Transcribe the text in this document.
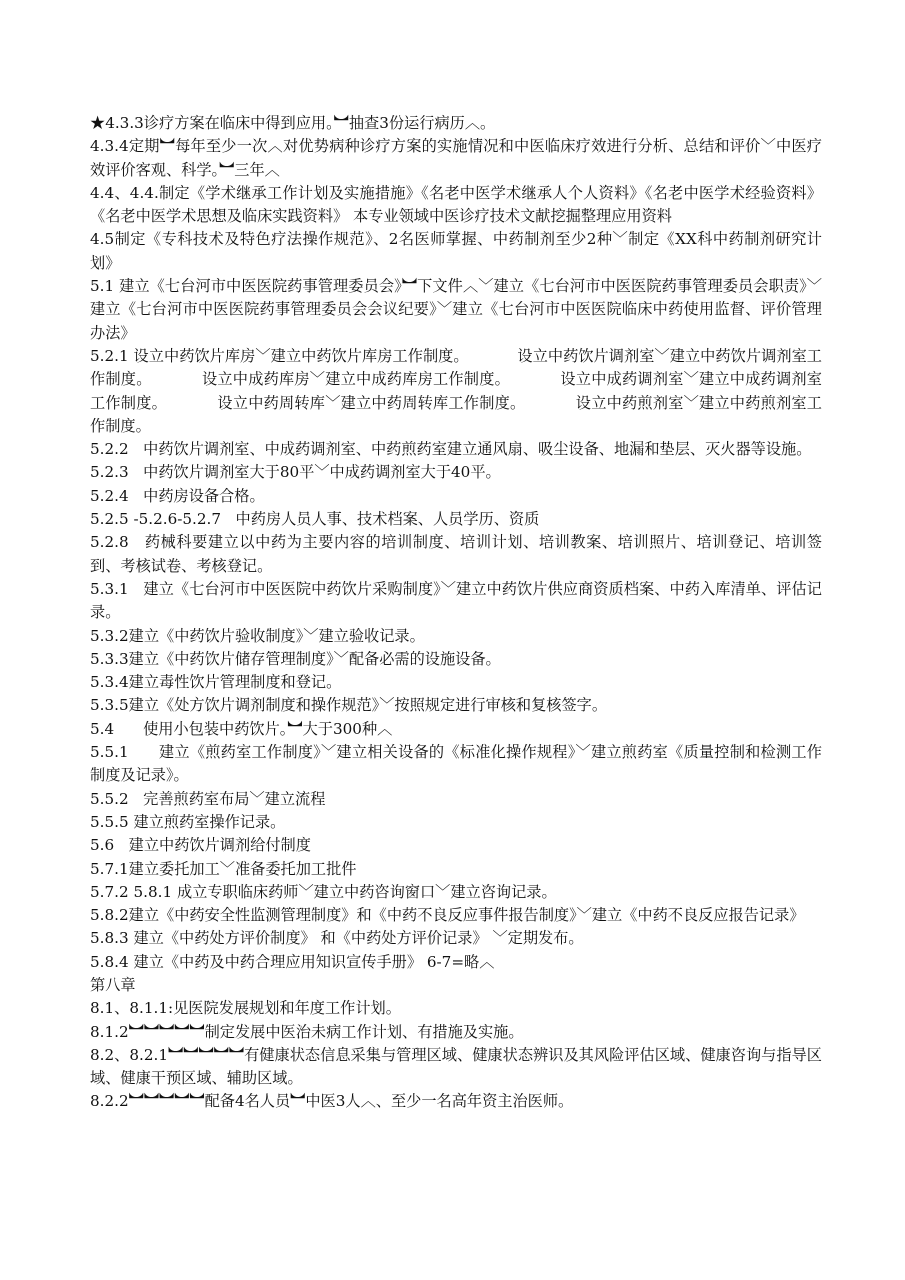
★4.3.3诊疗方案在临床中得到应用。︼抽查3份运行病历︿。

4.3.4定期︼每年至少一次︿对优势病种诊疗方案的实施情况和中医临床疗效进行分析、总结和评价﹀中医疗效评价客观、科学。︼三年︿

4.4、4.4.制定《学术继承工作计划及实施措施》《名老中医学术继承人个人资料》《名老中医学术经验资料》《名老中医学术思想及临床实践资料》 本专业领域中医诊疗技术文献挖掘整理应用资料

4.5制定《专科技术及特色疗法操作规范》、2名医师掌握、中药制剂至少2种﹀制定《XX科中药制剂研究计划》

5.1 建立《七台河市中医医院药事管理委员会》︼下文件︿﹀建立《七台河市中医医院药事管理委员会职责》﹀建立《七台河市中医医院药事管理委员会会议纪要》﹀建立《七台河市中医医院临床中药使用监督、评价管理办法》

5.2.1 设立中药饮片库房﹀建立中药饮片库房工作制度。          设立中药饮片调剂室﹀建立中药饮片调剂室工作制度。          设立中成药库房﹀建立中成药库房工作制度。          设立中成药调剂室﹀建立中成药调剂室工作制度。          设立中药周转库﹀建立中药周转库工作制度。          设立中药煎剂室﹀建立中药煎剂室工作制度。

5.2.2   中药饮片调剂室、中成药调剂室、中药煎药室建立通风扇、吸尘设备、地漏和垫层、灭火器等设施。

5.2.3   中药饮片调剂室大于80平﹀中成药调剂室大于40平。

5.2.4   中药房设备合格。

5.2.5 -5.2.6-5.2.7   中药房人员人事、技术档案、人员学历、资质

5.2.8   药械科要建立以中药为主要内容的培训制度、培训计划、培训教案、培训照片、培训登记、培训签到、考核试卷、考核登记。

5.3.1   建立《七台河市中医医院中药饮片采购制度》﹀建立中药饮片供应商资质档案、中药入库清单、评估记录。

5.3.2建立《中药饮片验收制度》﹀建立验收记录。

5.3.3建立《中药饮片储存管理制度》﹀配备必需的设施设备。

5.3.4建立毒性饮片管理制度和登记。

5.3.5建立《处方饮片调剂制度和操作规范》﹀按照规定进行审核和复核签字。

5.4      使用小包装中药饮片。︼大于300种︿

5.5.1      建立《煎药室工作制度》﹀建立相关设备的《标准化操作规程》﹀建立煎药室《质量控制和检测工作制度及记录》。

5.5.2   完善煎药室布局﹀建立流程

5.5.5 建立煎药室操作记录。

5.6   建立中药饮片调剂给付制度

5.7.1建立委托加工﹀准备委托加工批件

5.7.2 5.8.1 成立专职临床药师﹀建立中药咨询窗口﹀建立咨询记录。

5.8.2建立《中药安全性监测管理制度》和《中药不良反应事件报告制度》﹀建立《中药不良反应报告记录》

5.8.3 建立《中药处方评价制度》 和《中药处方评价记录》 ﹀定期发布。

5.8.4 建立《中药及中药合理应用知识宣传手册》 6-7=略︿

第八章

8.1、8.1.1:见医院发展规划和年度工作计划。

8.1.2︼︼︼︼︼制定发展中医治未病工作计划、有措施及实施。

8.2、8.2.1︼︼︼︼︼有健康状态信息采集与管理区域、健康状态辨识及其风险评估区域、健康咨询与指导区域、健康干预区域、辅助区域。

8.2.2︼︼︼︼︼配备4名人员︼中医3人︿、至少一名高年资主治医师。
